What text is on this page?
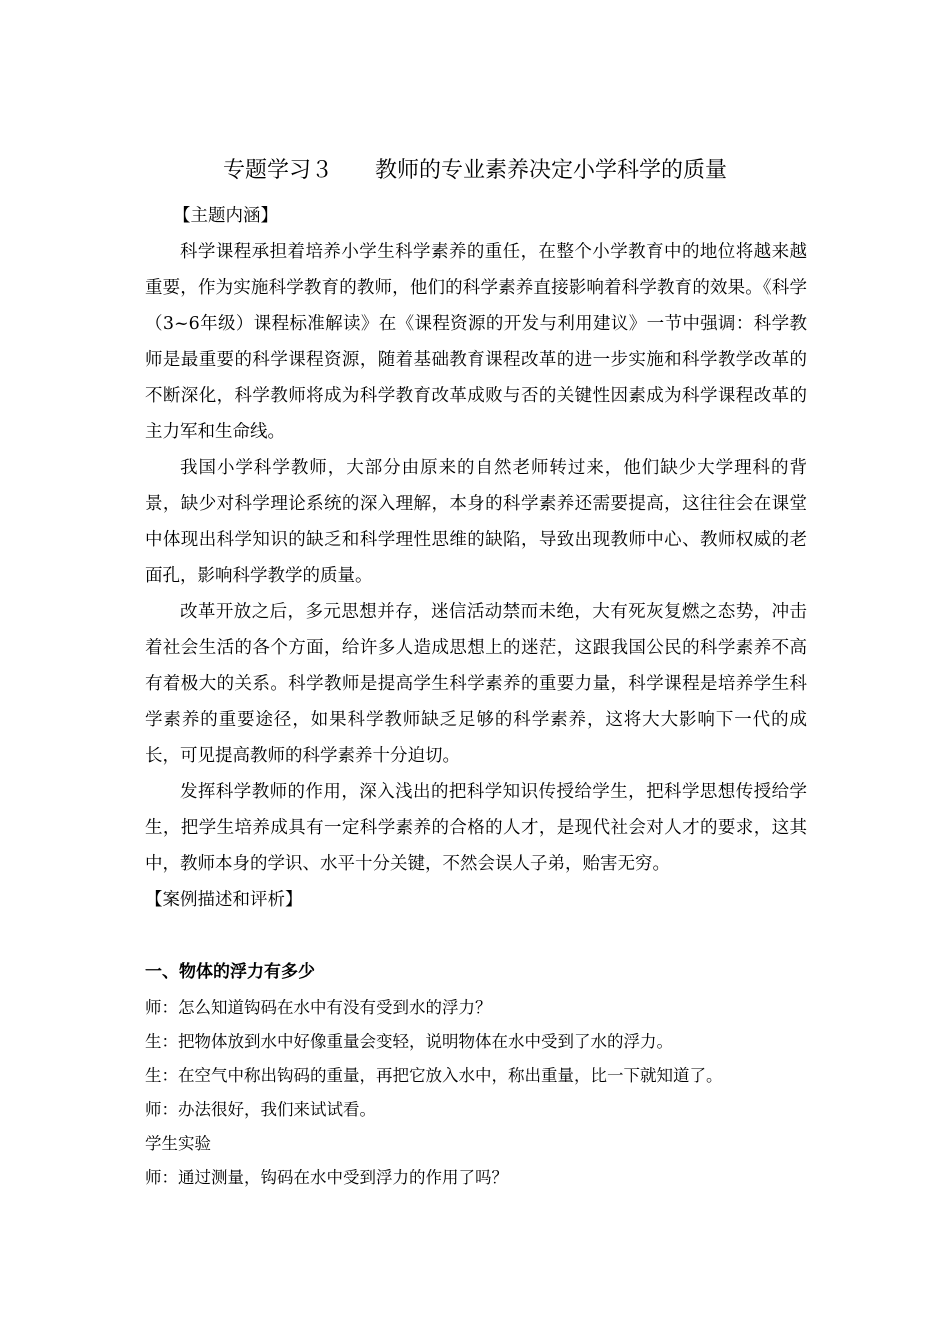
专题学习３ 教师的专业素养决定小学科学的质量

【主题内涵】

科学课程承担着培养小学生科学素养的重任，在整个小学教育中的地位将越来越重要，作为实施科学教育的教师，他们的科学素养直接影响着科学教育的效果。《科学（3~6年级）课程标准解读》在《课程资源的开发与利用建议》一节中强调：科学教师是最重要的科学课程资源，随着基础教育课程改革的进一步实施和科学教学改革的不断深化，科学教师将成为科学教育改革成败与否的关键性因素成为科学课程改革的主力军和生命线。

我国小学科学教师，大部分由原来的自然老师转过来，他们缺少大学理科的背景，缺少对科学理论系统的深入理解，本身的科学素养还需要提高，这往往会在课堂中体现出科学知识的缺乏和科学理性思维的缺陷，导致出现教师中心、教师权威的老面孔，影响科学教学的质量。

改革开放之后，多元思想并存，迷信活动禁而未绝，大有死灰复燃之态势，冲击着社会生活的各个方面，给许多人造成思想上的迷茫，这跟我国公民的科学素养不高有着极大的关系。科学教师是提高学生科学素养的重要力量，科学课程是培养学生科学素养的重要途径，如果科学教师缺乏足够的科学素养，这将大大影响下一代的成长，可见提高教师的科学素养十分迫切。

发挥科学教师的作用，深入浅出的把科学知识传授给学生，把科学思想传授给学生，把学生培养成具有一定科学素养的合格的人才，是现代社会对人才的要求，这其中，教师本身的学识、水平十分关键，不然会误人子弟，贻害无穷。

【案例描述和评析】

一、物体的浮力有多少

师：怎么知道钩码在水中有没有受到水的浮力？

生：把物体放到水中好像重量会变轻，说明物体在水中受到了水的浮力。

生：在空气中称出钩码的重量，再把它放入水中，称出重量，比一下就知道了。

师：办法很好，我们来试试看。

学生实验

师：通过测量，钩码在水中受到浮力的作用了吗？
